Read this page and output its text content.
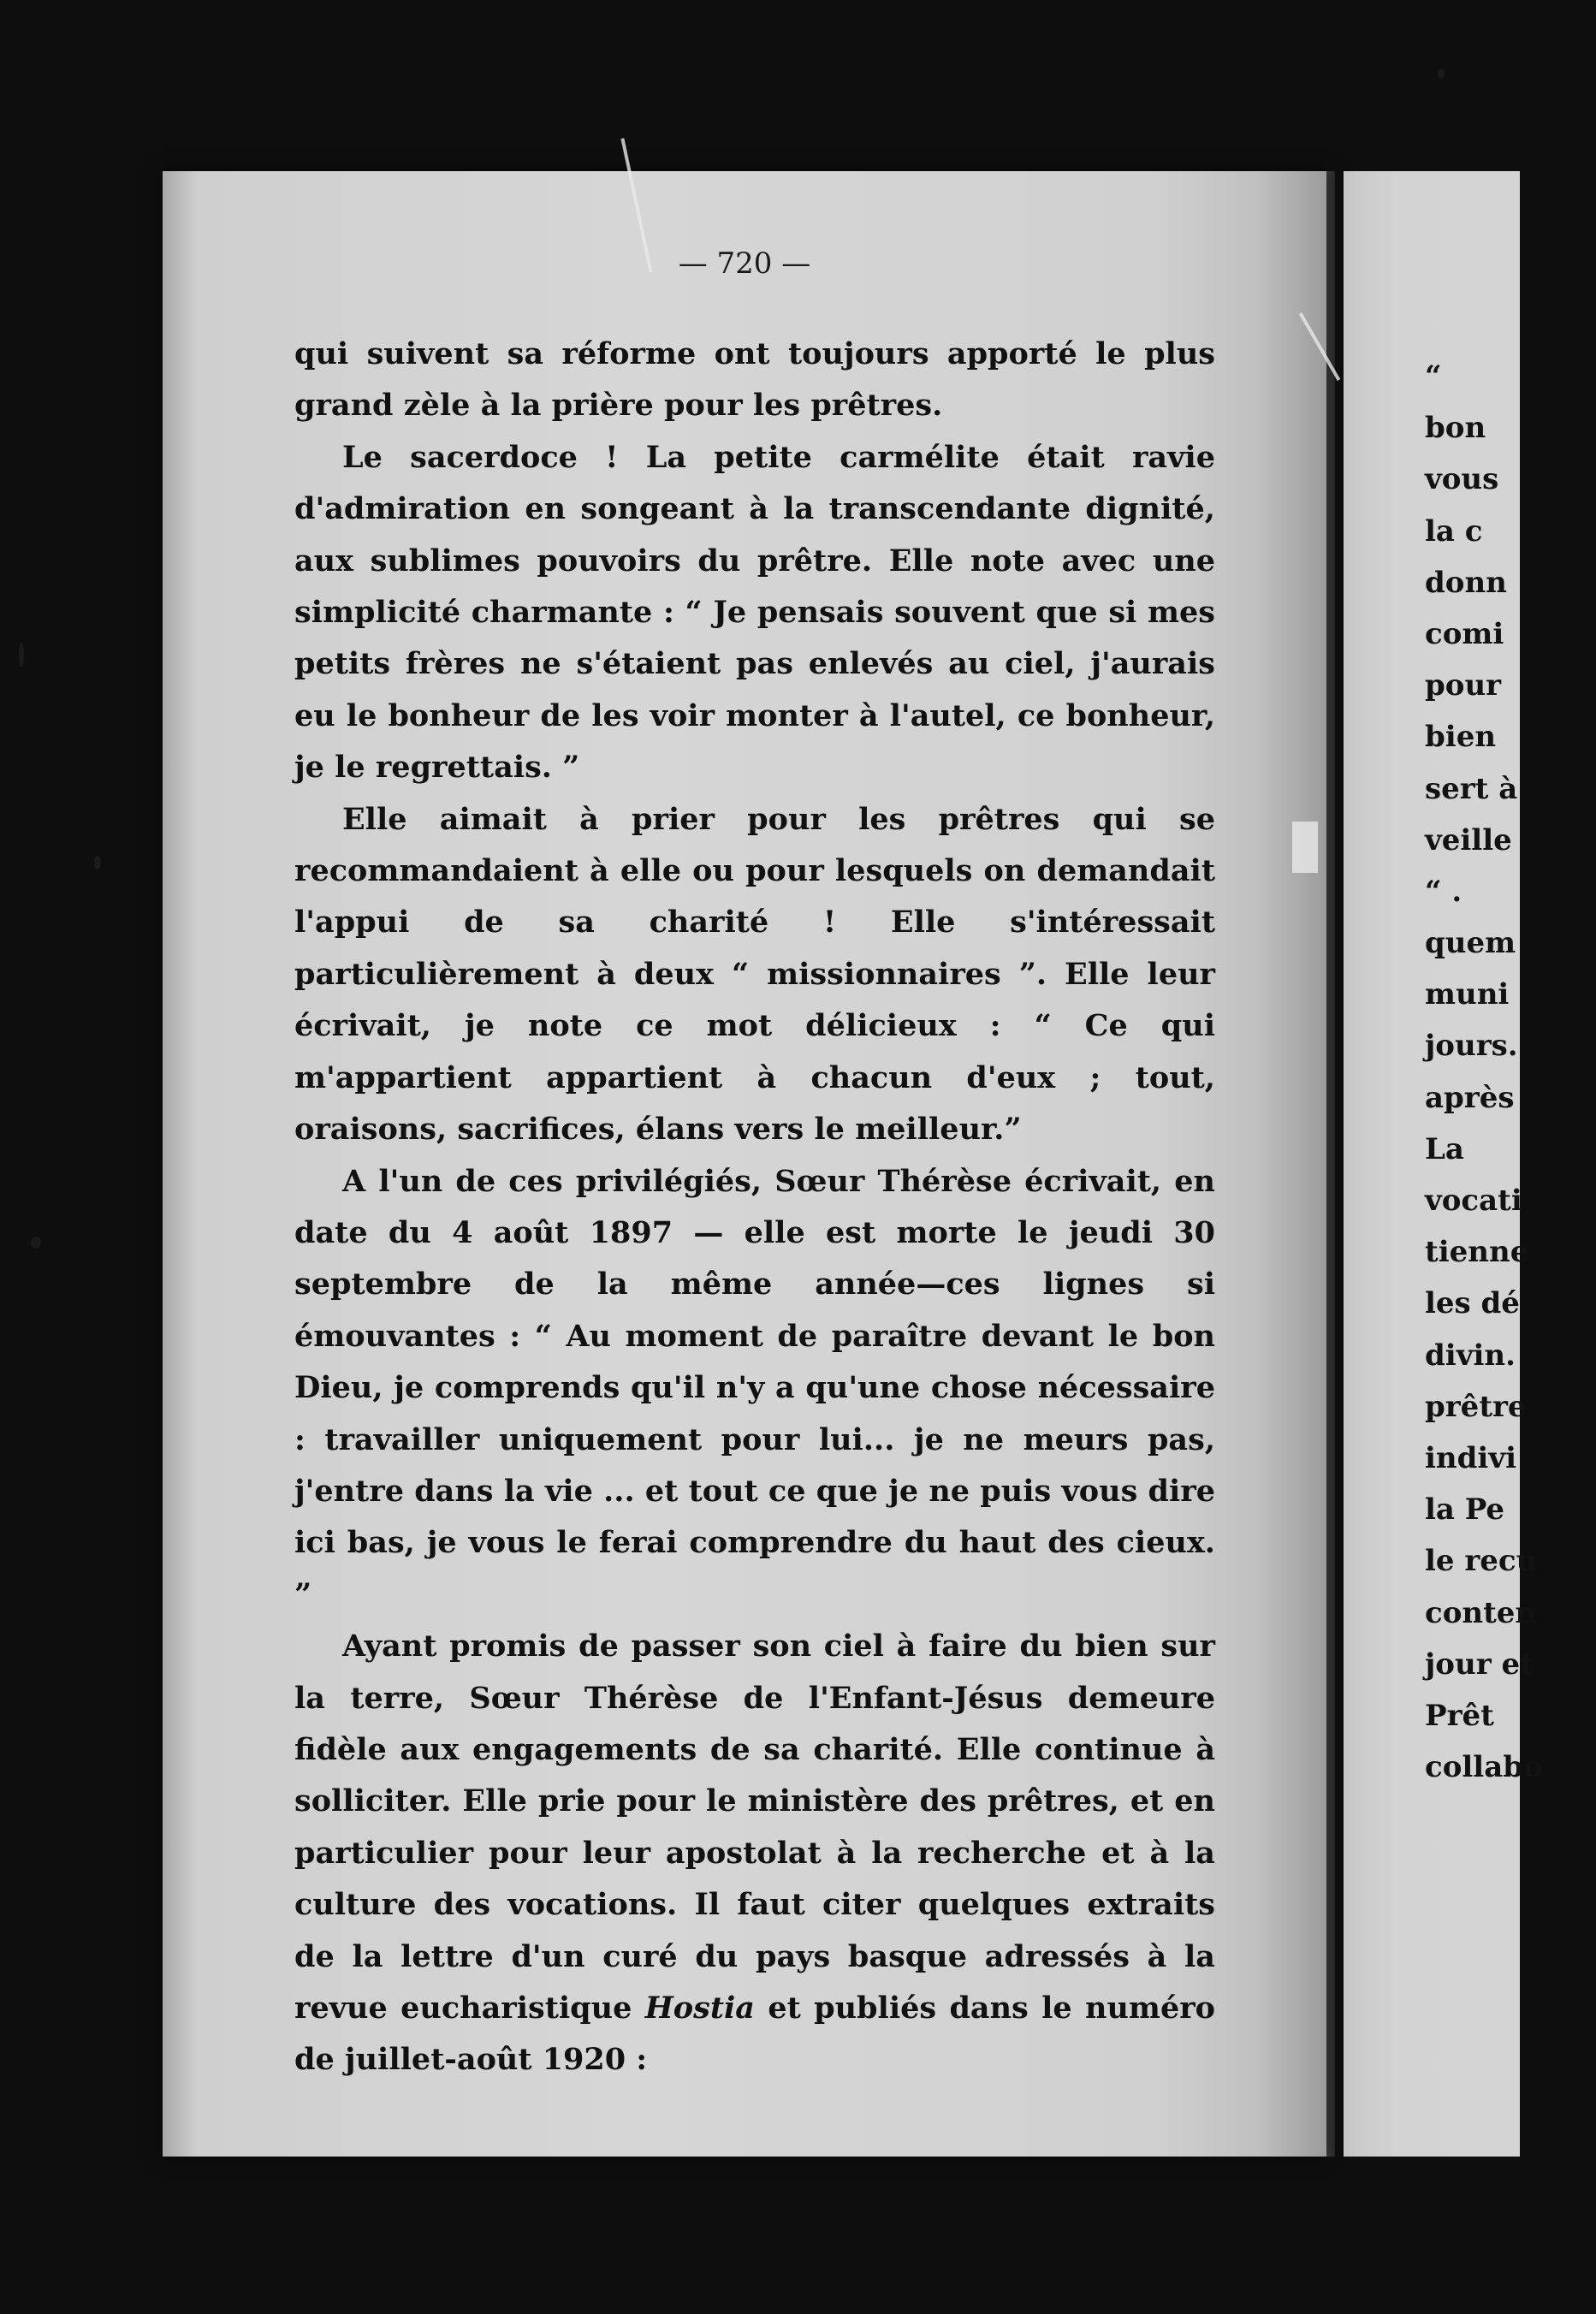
— 720 —

qui suivent sa réforme ont toujours apporté le plus grand zèle à la prière pour les prêtres.

Le sacerdoce ! La petite carmélite était ravie d'admiration en songeant à la transcendante dignité, aux sublimes pouvoirs du prêtre. Elle note avec une simplicité charmante : “ Je pensais souvent que si mes petits frères ne s'étaient pas enlevés au ciel, j'aurais eu le bonheur de les voir monter à l'autel, ce bonheur, je le regrettais. ”

Elle aimait à prier pour les prêtres qui se recommandaient à elle ou pour lesquels on demandait l'appui de sa charité ! Elle s'intéressait particulièrement à deux “ missionnaires ”. Elle leur écrivait, je note ce mot délicieux : “ Ce qui m'appartient appartient à chacun d'eux ; tout, oraisons, sacrifices, élans vers le meilleur.”

A l'un de ces privilégiés, Sœur Thérèse écrivait, en date du 4 août 1897 — elle est morte le jeudi 30 septembre de la même année—ces lignes si émouvantes : “ Au moment de paraître devant le bon Dieu, je comprends qu'il n'y a qu'une chose nécessaire : travailler uniquement pour lui... je ne meurs pas, j'entre dans la vie ... et tout ce que je ne puis vous dire ici bas, je vous le ferai comprendre du haut des cieux. ”

Ayant promis de passer son ciel à faire du bien sur la terre, Sœur Thérèse de l'Enfant-Jésus demeure fidèle aux engagements de sa charité. Elle continue à solliciter. Elle prie pour le ministère des prêtres, et en particulier pour leur apostolat à la recherche et à la culture des vocations. Il faut citer quelques extraits de la lettre d'un curé du pays basque adressés à la revue eucharistique Hostia et publiés dans le numéro de juillet-août 1920 :

“
bon
vous
la c
donn
comi
pour
bien
sert à
veille
“ .
quem
muni
jours.
après
La
vocati
tienne
les dé
divin.
prêtre
indivi
la Pe
le recu
conten
jour et
Prêt
collabo
